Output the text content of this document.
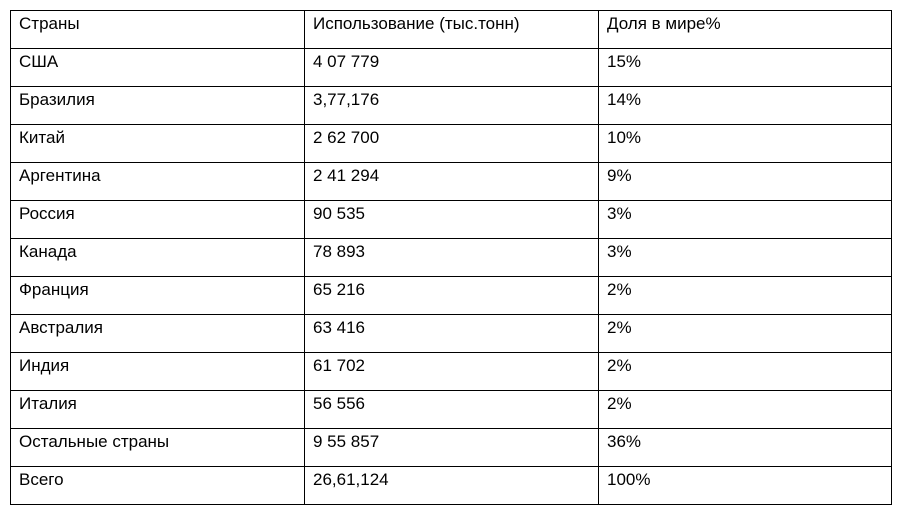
Страны	Использование (тыс.тонн)	Доля в мире%
США	4 07 779	15%
Бразилия	3,77,176	14%
Китай	2 62 700	10%
Аргентина	2 41 294	9%
Россия	90 535	3%
Канада	78 893	3%
Франция	65 216	2%
Австралия	63 416	2%
Индия	61 702	2%
Италия	56 556	2%
Остальные страны	9 55 857	36%
Всего	26,61,124	100%
